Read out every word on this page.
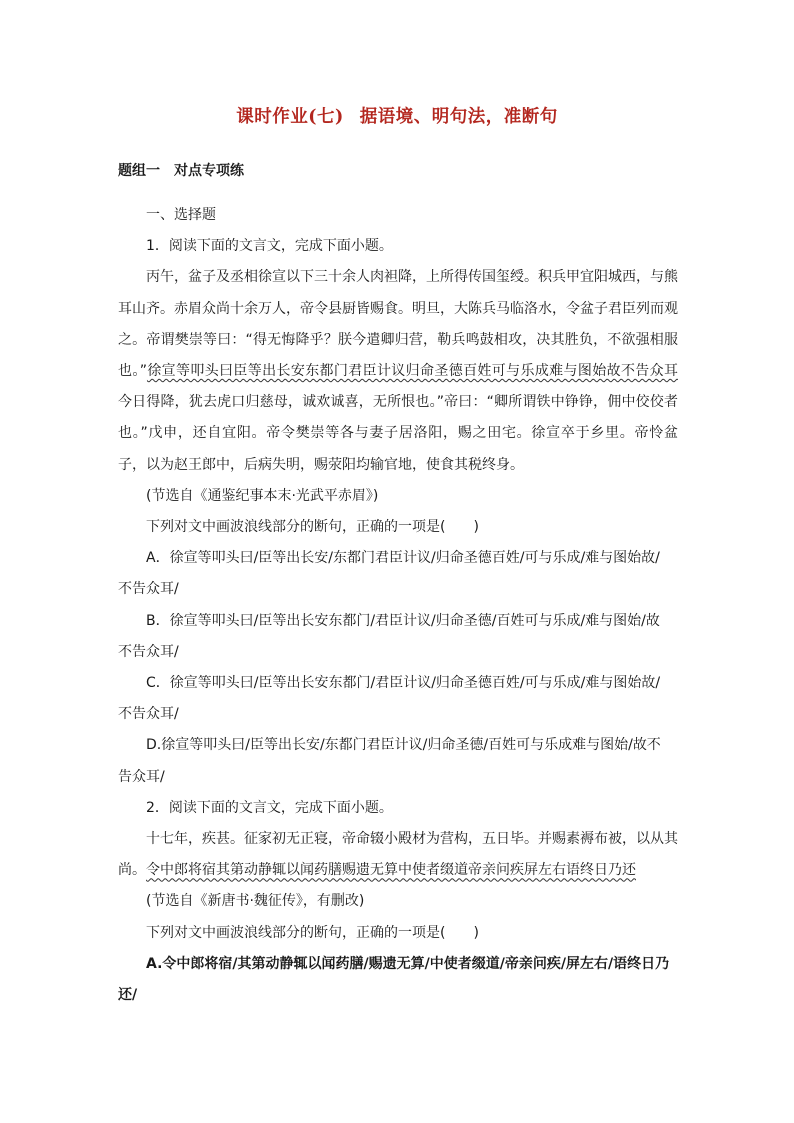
课时作业(七) 据语境、明句法，准断句
题组一 对点专项练

一、选择题

1．阅读下面的文言文，完成下面小题。

丙午，盆子及丞相徐宣以下三十余人肉袒降，上所得传国玺绶。积兵甲宜阳城西，与熊耳山齐。赤眉众尚十余万人，帝令县厨皆赐食。明旦，大陈兵马临洛水，令盆子君臣列而观之。帝谓樊崇等曰：“得无悔降乎？朕今遣卿归营，勒兵鸣鼓相攻，决其胜负，不欲强相服也。”徐宣等叩头曰臣等出长安东都门君臣计议归命圣德百姓可与乐成难与图始故不告众耳今日得降，犹去虎口归慈母，诚欢诚喜，无所恨也。”帝曰：“卿所谓铁中铮铮，佣中佼佼者也。”戊申，还自宜阳。帝令樊崇等各与妻子居洛阳，赐之田宅。徐宣卒于乡里。帝怜盆子，以为赵王郎中，后病失明，赐荥阳均输官地，使食其税终身。

(节选自《通鉴纪事本末·光武平赤眉》)

下列对文中画波浪线部分的断句，正确的一项是(　　)

A．徐宣等叩头曰/臣等出长安/东都门君臣计议/归命圣德百姓/可与乐成/难与图始故/

不告众耳/

B．徐宣等叩头曰/臣等出长安东都门/君臣计议/归命圣德/百姓可与乐成/难与图始/故

不告众耳/

C．徐宣等叩头曰/臣等出长安东都门/君臣计议/归命圣德百姓/可与乐成/难与图始故/

不告众耳/

D.徐宣等叩头曰/臣等出长安/东都门君臣计议/归命圣德/百姓可与乐成难与图始/故不

告众耳/

2．阅读下面的文言文，完成下面小题。

十七年，疾甚。征家初无正寝，帝命辍小殿材为营构，五日毕。并赐素褥布被，以从其尚。令中郎将宿其第动静辄以闻药膳赐遗无算中使者缀道帝亲问疾屏左右语终日乃还

(节选自《新唐书·魏征传》，有删改)

下列对文中画波浪线部分的断句，正确的一项是(　　)

A.令中郎将宿/其第动静辄以闻药膳/赐遗无算/中使者缀道/帝亲问疾/屏左右/语终日乃

还/
